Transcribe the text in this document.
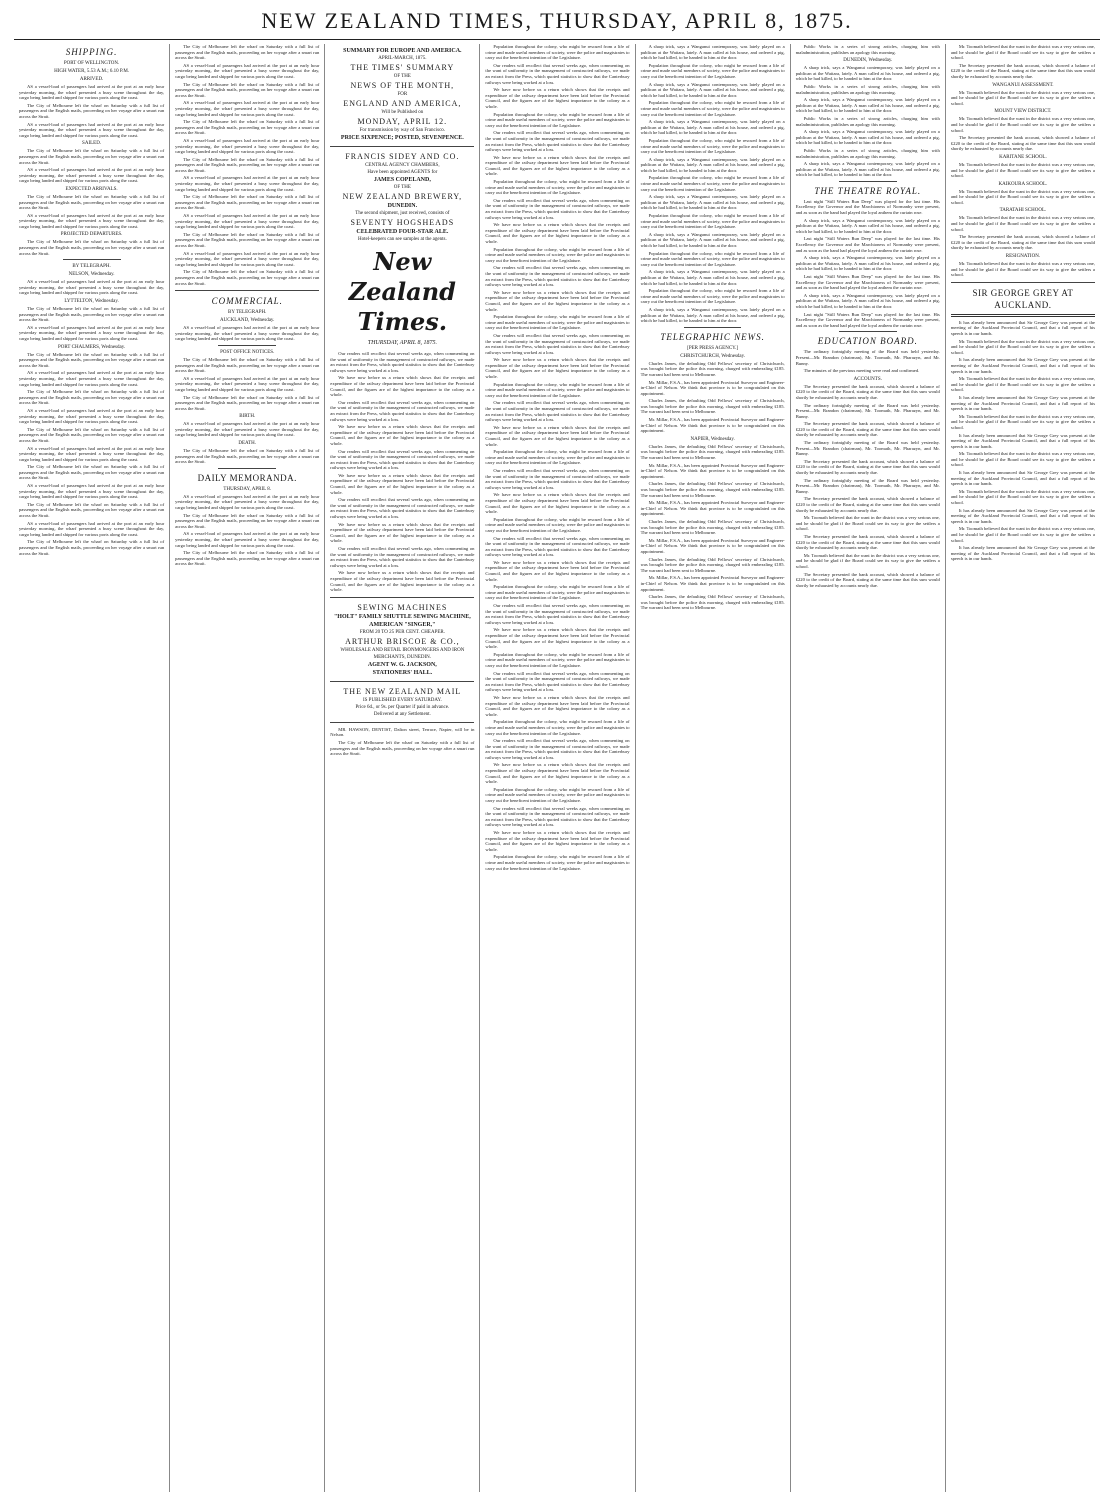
NEW ZEALAND TIMES, THURSDAY, APRIL 8, 1875.
SHIPPING.
PORT OF WELLINGTON.
HIGH WATER, 5.53 A.M.; 6.10 P.M.
ARRIVED.

AS a vessel-load of passengers had arrived at the port at an early hour yesterday morning, the wharf presented a busy scene throughout the day, cargo being landed and shipped for various ports along the coast.

The City of Melbourne left the wharf on Saturday with a full list of passengers and the English mails, proceeding on her voyage after a smart run across the Strait.

AS a vessel-load of passengers had arrived at the port at an early hour yesterday morning, the wharf presented a busy scene throughout the day, cargo being landed and shipped for various ports along the coast.

SAILED.

The City of Melbourne left the wharf on Saturday with a full list of passengers and the English mails, proceeding on her voyage after a smart run across the Strait.

AS a vessel-load of passengers had arrived at the port at an early hour yesterday morning, the wharf presented a busy scene throughout the day, cargo being landed and shipped for various ports along the coast.

EXPECTED ARRIVALS.

The City of Melbourne left the wharf on Saturday with a full list of passengers and the English mails, proceeding on her voyage after a smart run across the Strait.

AS a vessel-load of passengers had arrived at the port at an early hour yesterday morning, the wharf presented a busy scene throughout the day, cargo being landed and shipped for various ports along the coast.

PROJECTED DEPARTURES.

The City of Melbourne left the wharf on Saturday with a full list of passengers and the English mails, proceeding on her voyage after a smart run across the Strait.

BY TELEGRAPH.
NELSON, Wednesday.

AS a vessel-load of passengers had arrived at the port at an early hour yesterday morning, the wharf presented a busy scene throughout the day, cargo being landed and shipped for various ports along the coast.

LYTTELTON, Wednesday.

The City of Melbourne left the wharf on Saturday with a full list of passengers and the English mails, proceeding on her voyage after a smart run across the Strait.

AS a vessel-load of passengers had arrived at the port at an early hour yesterday morning, the wharf presented a busy scene throughout the day, cargo being landed and shipped for various ports along the coast.

PORT CHALMERS, Wednesday.

The City of Melbourne left the wharf on Saturday with a full list of passengers and the English mails, proceeding on her voyage after a smart run across the Strait.

AS a vessel-load of passengers had arrived at the port at an early hour yesterday morning, the wharf presented a busy scene throughout the day, cargo being landed and shipped for various ports along the coast.

The City of Melbourne left the wharf on Saturday with a full list of passengers and the English mails, proceeding on her voyage after a smart run across the Strait.

AS a vessel-load of passengers had arrived at the port at an early hour yesterday morning, the wharf presented a busy scene throughout the day, cargo being landed and shipped for various ports along the coast.

The City of Melbourne left the wharf on Saturday with a full list of passengers and the English mails, proceeding on her voyage after a smart run across the Strait.

AS a vessel-load of passengers had arrived at the port at an early hour yesterday morning, the wharf presented a busy scene throughout the day, cargo being landed and shipped for various ports along the coast.

The City of Melbourne left the wharf on Saturday with a full list of passengers and the English mails, proceeding on her voyage after a smart run across the Strait.

AS a vessel-load of passengers had arrived at the port at an early hour yesterday morning, the wharf presented a busy scene throughout the day, cargo being landed and shipped for various ports along the coast.

The City of Melbourne left the wharf on Saturday with a full list of passengers and the English mails, proceeding on her voyage after a smart run across the Strait.

AS a vessel-load of passengers had arrived at the port at an early hour yesterday morning, the wharf presented a busy scene throughout the day, cargo being landed and shipped for various ports along the coast.

The City of Melbourne left the wharf on Saturday with a full list of passengers and the English mails, proceeding on her voyage after a smart run across the Strait.

The City of Melbourne left the wharf on Saturday with a full list of passengers and the English mails, proceeding on her voyage after a smart run across the Strait.

AS a vessel-load of passengers had arrived at the port at an early hour yesterday morning, the wharf presented a busy scene throughout the day, cargo being landed and shipped for various ports along the coast.

The City of Melbourne left the wharf on Saturday with a full list of passengers and the English mails, proceeding on her voyage after a smart run across the Strait.

AS a vessel-load of passengers had arrived at the port at an early hour yesterday morning, the wharf presented a busy scene throughout the day, cargo being landed and shipped for various ports along the coast.

The City of Melbourne left the wharf on Saturday with a full list of passengers and the English mails, proceeding on her voyage after a smart run across the Strait.

AS a vessel-load of passengers had arrived at the port at an early hour yesterday morning, the wharf presented a busy scene throughout the day, cargo being landed and shipped for various ports along the coast.

The City of Melbourne left the wharf on Saturday with a full list of passengers and the English mails, proceeding on her voyage after a smart run across the Strait.

AS a vessel-load of passengers had arrived at the port at an early hour yesterday morning, the wharf presented a busy scene throughout the day, cargo being landed and shipped for various ports along the coast.

The City of Melbourne left the wharf on Saturday with a full list of passengers and the English mails, proceeding on her voyage after a smart run across the Strait.

AS a vessel-load of passengers had arrived at the port at an early hour yesterday morning, the wharf presented a busy scene throughout the day, cargo being landed and shipped for various ports along the coast.

The City of Melbourne left the wharf on Saturday with a full list of passengers and the English mails, proceeding on her voyage after a smart run across the Strait.

AS a vessel-load of passengers had arrived at the port at an early hour yesterday morning, the wharf presented a busy scene throughout the day, cargo being landed and shipped for various ports along the coast.

The City of Melbourne left the wharf on Saturday with a full list of passengers and the English mails, proceeding on her voyage after a smart run across the Strait.

COMMERCIAL.
BY TELEGRAPH.
AUCKLAND, Wednesday.

AS a vessel-load of passengers had arrived at the port at an early hour yesterday morning, the wharf presented a busy scene throughout the day, cargo being landed and shipped for various ports along the coast.

POST OFFICE NOTICES.

The City of Melbourne left the wharf on Saturday with a full list of passengers and the English mails, proceeding on her voyage after a smart run across the Strait.

AS a vessel-load of passengers had arrived at the port at an early hour yesterday morning, the wharf presented a busy scene throughout the day, cargo being landed and shipped for various ports along the coast.

The City of Melbourne left the wharf on Saturday with a full list of passengers and the English mails, proceeding on her voyage after a smart run across the Strait.

BIRTH.

AS a vessel-load of passengers had arrived at the port at an early hour yesterday morning, the wharf presented a busy scene throughout the day, cargo being landed and shipped for various ports along the coast.

DEATH.

The City of Melbourne left the wharf on Saturday with a full list of passengers and the English mails, proceeding on her voyage after a smart run across the Strait.

DAILY MEMORANDA.
THURSDAY, APRIL 8.

AS a vessel-load of passengers had arrived at the port at an early hour yesterday morning, the wharf presented a busy scene throughout the day, cargo being landed and shipped for various ports along the coast.

The City of Melbourne left the wharf on Saturday with a full list of passengers and the English mails, proceeding on her voyage after a smart run across the Strait.

AS a vessel-load of passengers had arrived at the port at an early hour yesterday morning, the wharf presented a busy scene throughout the day, cargo being landed and shipped for various ports along the coast.

The City of Melbourne left the wharf on Saturday with a full list of passengers and the English mails, proceeding on her voyage after a smart run across the Strait.

SUMMARY FOR EUROPE AND AMERICA.
APRIL-MARCH, 1875.
THE TIMES' SUMMARY
OF THE
NEWS OF THE MONTH,
FOR
ENGLAND AND AMERICA,
Will be Published on
MONDAY, APRIL 12.
For transmission by way of San Francisco.
PRICE SIXPENCE; POSTED, SEVENPENCE.
FRANCIS SIDEY AND CO.
CENTRAL AGENCY CHAMBERS,
Have been appointed AGENTS for
JAMES COPELAND,
OF THE
NEW ZEALAND BREWERY,
DUNEDIN.
The second shipment, just received, consists of
SEVENTY HOGSHEADS
CELEBRATED FOUR-STAR ALE.
Hotel-keepers can see samples at the agents.
New Zealand Times.
THURSDAY, APRIL 8, 1875.

Our readers will recollect that several weeks ago, when commenting on the want of uniformity in the management of constructed railways, we made an extract from the Press, which quoted statistics to show that the Canterbury railways were being worked at a loss.

We have now before us a return which shows that the receipts and expenditure of the railway department have been laid before the Provincial Council, and the figures are of the highest importance to the colony as a whole.

Our readers will recollect that several weeks ago, when commenting on the want of uniformity in the management of constructed railways, we made an extract from the Press, which quoted statistics to show that the Canterbury railways were being worked at a loss.

We have now before us a return which shows that the receipts and expenditure of the railway department have been laid before the Provincial Council, and the figures are of the highest importance to the colony as a whole.

Our readers will recollect that several weeks ago, when commenting on the want of uniformity in the management of constructed railways, we made an extract from the Press, which quoted statistics to show that the Canterbury railways were being worked at a loss.

We have now before us a return which shows that the receipts and expenditure of the railway department have been laid before the Provincial Council, and the figures are of the highest importance to the colony as a whole.

Our readers will recollect that several weeks ago, when commenting on the want of uniformity in the management of constructed railways, we made an extract from the Press, which quoted statistics to show that the Canterbury railways were being worked at a loss.

We have now before us a return which shows that the receipts and expenditure of the railway department have been laid before the Provincial Council, and the figures are of the highest importance to the colony as a whole.

Our readers will recollect that several weeks ago, when commenting on the want of uniformity in the management of constructed railways, we made an extract from the Press, which quoted statistics to show that the Canterbury railways were being worked at a loss.

We have now before us a return which shows that the receipts and expenditure of the railway department have been laid before the Provincial Council, and the figures are of the highest importance to the colony as a whole.

SEWING MACHINES
"HOLT" FAMILY SHUTTLE SEWING MACHINE,
AMERICAN "SINGER,"
FROM 20 TO 25 PER CENT. CHEAPER.
ARTHUR BRISCOE & CO.,
WHOLESALE AND RETAIL IRONMONGERS AND IRON MERCHANTS, DUNEDIN.
AGENT W. G. JACKSON,
STATIONERS' HALL.
THE NEW ZEALAND MAIL
IS PUBLISHED EVERY SATURDAY.
Price 6d., or 9s. per Quarter if paid in advance.
Delivered at any Settlement.

MR. HAWSON, DENTIST, Dalton street, Terrace, Napier, will be in Nelson.

The City of Melbourne left the wharf on Saturday with a full list of passengers and the English mails, proceeding on her voyage after a smart run across the Strait.

Population throughout the colony, who might be rescued from a life of crime and made useful members of society, were the police and magistrates to carry out the beneficent intention of the Legislature.

Our readers will recollect that several weeks ago, when commenting on the want of uniformity in the management of constructed railways, we made an extract from the Press, which quoted statistics to show that the Canterbury railways were being worked at a loss.

We have now before us a return which shows that the receipts and expenditure of the railway department have been laid before the Provincial Council, and the figures are of the highest importance to the colony as a whole.

Population throughout the colony, who might be rescued from a life of crime and made useful members of society, were the police and magistrates to carry out the beneficent intention of the Legislature.

Our readers will recollect that several weeks ago, when commenting on the want of uniformity in the management of constructed railways, we made an extract from the Press, which quoted statistics to show that the Canterbury railways were being worked at a loss.

We have now before us a return which shows that the receipts and expenditure of the railway department have been laid before the Provincial Council, and the figures are of the highest importance to the colony as a whole.

Population throughout the colony, who might be rescued from a life of crime and made useful members of society, were the police and magistrates to carry out the beneficent intention of the Legislature.

Our readers will recollect that several weeks ago, when commenting on the want of uniformity in the management of constructed railways, we made an extract from the Press, which quoted statistics to show that the Canterbury railways were being worked at a loss.

We have now before us a return which shows that the receipts and expenditure of the railway department have been laid before the Provincial Council, and the figures are of the highest importance to the colony as a whole.

Population throughout the colony, who might be rescued from a life of crime and made useful members of society, were the police and magistrates to carry out the beneficent intention of the Legislature.

Our readers will recollect that several weeks ago, when commenting on the want of uniformity in the management of constructed railways, we made an extract from the Press, which quoted statistics to show that the Canterbury railways were being worked at a loss.

We have now before us a return which shows that the receipts and expenditure of the railway department have been laid before the Provincial Council, and the figures are of the highest importance to the colony as a whole.

Population throughout the colony, who might be rescued from a life of crime and made useful members of society, were the police and magistrates to carry out the beneficent intention of the Legislature.

Our readers will recollect that several weeks ago, when commenting on the want of uniformity in the management of constructed railways, we made an extract from the Press, which quoted statistics to show that the Canterbury railways were being worked at a loss.

We have now before us a return which shows that the receipts and expenditure of the railway department have been laid before the Provincial Council, and the figures are of the highest importance to the colony as a whole.

Population throughout the colony, who might be rescued from a life of crime and made useful members of society, were the police and magistrates to carry out the beneficent intention of the Legislature.

Our readers will recollect that several weeks ago, when commenting on the want of uniformity in the management of constructed railways, we made an extract from the Press, which quoted statistics to show that the Canterbury railways were being worked at a loss.

We have now before us a return which shows that the receipts and expenditure of the railway department have been laid before the Provincial Council, and the figures are of the highest importance to the colony as a whole.

Population throughout the colony, who might be rescued from a life of crime and made useful members of society, were the police and magistrates to carry out the beneficent intention of the Legislature.

Our readers will recollect that several weeks ago, when commenting on the want of uniformity in the management of constructed railways, we made an extract from the Press, which quoted statistics to show that the Canterbury railways were being worked at a loss.

We have now before us a return which shows that the receipts and expenditure of the railway department have been laid before the Provincial Council, and the figures are of the highest importance to the colony as a whole.

Population throughout the colony, who might be rescued from a life of crime and made useful members of society, were the police and magistrates to carry out the beneficent intention of the Legislature.

Our readers will recollect that several weeks ago, when commenting on the want of uniformity in the management of constructed railways, we made an extract from the Press, which quoted statistics to show that the Canterbury railways were being worked at a loss.

We have now before us a return which shows that the receipts and expenditure of the railway department have been laid before the Provincial Council, and the figures are of the highest importance to the colony as a whole.

Population throughout the colony, who might be rescued from a life of crime and made useful members of society, were the police and magistrates to carry out the beneficent intention of the Legislature.

Our readers will recollect that several weeks ago, when commenting on the want of uniformity in the management of constructed railways, we made an extract from the Press, which quoted statistics to show that the Canterbury railways were being worked at a loss.

We have now before us a return which shows that the receipts and expenditure of the railway department have been laid before the Provincial Council, and the figures are of the highest importance to the colony as a whole.

Population throughout the colony, who might be rescued from a life of crime and made useful members of society, were the police and magistrates to carry out the beneficent intention of the Legislature.

Our readers will recollect that several weeks ago, when commenting on the want of uniformity in the management of constructed railways, we made an extract from the Press, which quoted statistics to show that the Canterbury railways were being worked at a loss.

We have now before us a return which shows that the receipts and expenditure of the railway department have been laid before the Provincial Council, and the figures are of the highest importance to the colony as a whole.

Population throughout the colony, who might be rescued from a life of crime and made useful members of society, were the police and magistrates to carry out the beneficent intention of the Legislature.

Our readers will recollect that several weeks ago, when commenting on the want of uniformity in the management of constructed railways, we made an extract from the Press, which quoted statistics to show that the Canterbury railways were being worked at a loss.

We have now before us a return which shows that the receipts and expenditure of the railway department have been laid before the Provincial Council, and the figures are of the highest importance to the colony as a whole.

Population throughout the colony, who might be rescued from a life of crime and made useful members of society, were the police and magistrates to carry out the beneficent intention of the Legislature.

Our readers will recollect that several weeks ago, when commenting on the want of uniformity in the management of constructed railways, we made an extract from the Press, which quoted statistics to show that the Canterbury railways were being worked at a loss.

We have now before us a return which shows that the receipts and expenditure of the railway department have been laid before the Provincial Council, and the figures are of the highest importance to the colony as a whole.

Population throughout the colony, who might be rescued from a life of crime and made useful members of society, were the police and magistrates to carry out the beneficent intention of the Legislature.

A sharp trick, says a Wanganui contemporary, was lately played on a publican at the Waitara, lately. A man called at his house, and ordered a pig, which he had killed, to be handed to him at the door.

Population throughout the colony, who might be rescued from a life of crime and made useful members of society, were the police and magistrates to carry out the beneficent intention of the Legislature.

A sharp trick, says a Wanganui contemporary, was lately played on a publican at the Waitara, lately. A man called at his house, and ordered a pig, which he had killed, to be handed to him at the door.

Population throughout the colony, who might be rescued from a life of crime and made useful members of society, were the police and magistrates to carry out the beneficent intention of the Legislature.

A sharp trick, says a Wanganui contemporary, was lately played on a publican at the Waitara, lately. A man called at his house, and ordered a pig, which he had killed, to be handed to him at the door.

Population throughout the colony, who might be rescued from a life of crime and made useful members of society, were the police and magistrates to carry out the beneficent intention of the Legislature.

A sharp trick, says a Wanganui contemporary, was lately played on a publican at the Waitara, lately. A man called at his house, and ordered a pig, which he had killed, to be handed to him at the door.

Population throughout the colony, who might be rescued from a life of crime and made useful members of society, were the police and magistrates to carry out the beneficent intention of the Legislature.

A sharp trick, says a Wanganui contemporary, was lately played on a publican at the Waitara, lately. A man called at his house, and ordered a pig, which he had killed, to be handed to him at the door.

Population throughout the colony, who might be rescued from a life of crime and made useful members of society, were the police and magistrates to carry out the beneficent intention of the Legislature.

A sharp trick, says a Wanganui contemporary, was lately played on a publican at the Waitara, lately. A man called at his house, and ordered a pig, which he had killed, to be handed to him at the door.

Population throughout the colony, who might be rescued from a life of crime and made useful members of society, were the police and magistrates to carry out the beneficent intention of the Legislature.

A sharp trick, says a Wanganui contemporary, was lately played on a publican at the Waitara, lately. A man called at his house, and ordered a pig, which he had killed, to be handed to him at the door.

Population throughout the colony, who might be rescued from a life of crime and made useful members of society, were the police and magistrates to carry out the beneficent intention of the Legislature.

A sharp trick, says a Wanganui contemporary, was lately played on a publican at the Waitara, lately. A man called at his house, and ordered a pig, which he had killed, to be handed to him at the door.

TELEGRAPHIC NEWS.
[PER PRESS AGENCY.]
CHRISTCHURCH, Wednesday.

Charles James, the defaulting Odd Fellows' secretary of Christchurch, was brought before the police this morning, charged with embezzling £185. The warrant had been sent to Melbourne.

Mr. Millar, F.S.A., has been appointed Provincial Surveyor and Engineer-in-Chief of Nelson. We think that province is to be congratulated on this appointment.

Charles James, the defaulting Odd Fellows' secretary of Christchurch, was brought before the police this morning, charged with embezzling £185. The warrant had been sent to Melbourne.

Mr. Millar, F.S.A., has been appointed Provincial Surveyor and Engineer-in-Chief of Nelson. We think that province is to be congratulated on this appointment.

NAPIER, Wednesday.

Charles James, the defaulting Odd Fellows' secretary of Christchurch, was brought before the police this morning, charged with embezzling £185. The warrant had been sent to Melbourne.

Mr. Millar, F.S.A., has been appointed Provincial Surveyor and Engineer-in-Chief of Nelson. We think that province is to be congratulated on this appointment.

Charles James, the defaulting Odd Fellows' secretary of Christchurch, was brought before the police this morning, charged with embezzling £185. The warrant had been sent to Melbourne.

Mr. Millar, F.S.A., has been appointed Provincial Surveyor and Engineer-in-Chief of Nelson. We think that province is to be congratulated on this appointment.

Charles James, the defaulting Odd Fellows' secretary of Christchurch, was brought before the police this morning, charged with embezzling £185. The warrant had been sent to Melbourne.

Mr. Millar, F.S.A., has been appointed Provincial Surveyor and Engineer-in-Chief of Nelson. We think that province is to be congratulated on this appointment.

Charles James, the defaulting Odd Fellows' secretary of Christchurch, was brought before the police this morning, charged with embezzling £185. The warrant had been sent to Melbourne.

Mr. Millar, F.S.A., has been appointed Provincial Surveyor and Engineer-in-Chief of Nelson. We think that province is to be congratulated on this appointment.

Charles James, the defaulting Odd Fellows' secretary of Christchurch, was brought before the police this morning, charged with embezzling £185. The warrant had been sent to Melbourne.

Public Works in a series of strong articles, charging him with maladministration, publishes an apology this morning.

DUNEDIN, Wednesday.

A sharp trick, says a Wanganui contemporary, was lately played on a publican at the Waitara, lately. A man called at his house, and ordered a pig, which he had killed, to be handed to him at the door.

Public Works in a series of strong articles, charging him with maladministration, publishes an apology this morning.

A sharp trick, says a Wanganui contemporary, was lately played on a publican at the Waitara, lately. A man called at his house, and ordered a pig, which he had killed, to be handed to him at the door.

Public Works in a series of strong articles, charging him with maladministration, publishes an apology this morning.

A sharp trick, says a Wanganui contemporary, was lately played on a publican at the Waitara, lately. A man called at his house, and ordered a pig, which he had killed, to be handed to him at the door.

Public Works in a series of strong articles, charging him with maladministration, publishes an apology this morning.

A sharp trick, says a Wanganui contemporary, was lately played on a publican at the Waitara, lately. A man called at his house, and ordered a pig, which he had killed, to be handed to him at the door.

THE THEATRE ROYAL.

Last night "Still Waters Run Deep" was played for the last time. His Excellency the Governor and the Marchioness of Normanby were present, and as soon as the band had played the loyal anthem the curtain rose.

A sharp trick, says a Wanganui contemporary, was lately played on a publican at the Waitara, lately. A man called at his house, and ordered a pig, which he had killed, to be handed to him at the door.

Last night "Still Waters Run Deep" was played for the last time. His Excellency the Governor and the Marchioness of Normanby were present, and as soon as the band had played the loyal anthem the curtain rose.

A sharp trick, says a Wanganui contemporary, was lately played on a publican at the Waitara, lately. A man called at his house, and ordered a pig, which he had killed, to be handed to him at the door.

Last night "Still Waters Run Deep" was played for the last time. His Excellency the Governor and the Marchioness of Normanby were present, and as soon as the band had played the loyal anthem the curtain rose.

A sharp trick, says a Wanganui contemporary, was lately played on a publican at the Waitara, lately. A man called at his house, and ordered a pig, which he had killed, to be handed to him at the door.

Last night "Still Waters Run Deep" was played for the last time. His Excellency the Governor and the Marchioness of Normanby were present, and as soon as the band had played the loyal anthem the curtain rose.

EDUCATION BOARD.

The ordinary fortnightly meeting of the Board was held yesterday. Present—Mr. Brandon (chairman), Mr. Toomath, Mr. Pharazyn, and Mr. Bunny.

The minutes of the previous meeting were read and confirmed.

ACCOUNTS.

The Secretary presented the bank account, which showed a balance of £220 to the credit of the Board, stating at the same time that this sum would shortly be exhausted by accounts nearly due.

The ordinary fortnightly meeting of the Board was held yesterday. Present—Mr. Brandon (chairman), Mr. Toomath, Mr. Pharazyn, and Mr. Bunny.

The Secretary presented the bank account, which showed a balance of £220 to the credit of the Board, stating at the same time that this sum would shortly be exhausted by accounts nearly due.

The ordinary fortnightly meeting of the Board was held yesterday. Present—Mr. Brandon (chairman), Mr. Toomath, Mr. Pharazyn, and Mr. Bunny.

The Secretary presented the bank account, which showed a balance of £220 to the credit of the Board, stating at the same time that this sum would shortly be exhausted by accounts nearly due.

The ordinary fortnightly meeting of the Board was held yesterday. Present—Mr. Brandon (chairman), Mr. Toomath, Mr. Pharazyn, and Mr. Bunny.

The Secretary presented the bank account, which showed a balance of £220 to the credit of the Board, stating at the same time that this sum would shortly be exhausted by accounts nearly due.

Mr. Toomath believed that the want in the district was a very serious one, and he should be glad if the Board could see its way to give the settlers a school.

The Secretary presented the bank account, which showed a balance of £220 to the credit of the Board, stating at the same time that this sum would shortly be exhausted by accounts nearly due.

Mr. Toomath believed that the want in the district was a very serious one, and he should be glad if the Board could see its way to give the settlers a school.

The Secretary presented the bank account, which showed a balance of £220 to the credit of the Board, stating at the same time that this sum would shortly be exhausted by accounts nearly due.

Mr. Toomath believed that the want in the district was a very serious one, and he should be glad if the Board could see its way to give the settlers a school.

The Secretary presented the bank account, which showed a balance of £220 to the credit of the Board, stating at the same time that this sum would shortly be exhausted by accounts nearly due.

WANGANUI ASSESSMENT.

Mr. Toomath believed that the want in the district was a very serious one, and he should be glad if the Board could see its way to give the settlers a school.

MOUNT VIEW DISTRICT.

Mr. Toomath believed that the want in the district was a very serious one, and he should be glad if the Board could see its way to give the settlers a school.

The Secretary presented the bank account, which showed a balance of £220 to the credit of the Board, stating at the same time that this sum would shortly be exhausted by accounts nearly due.

KARITANE SCHOOL.

Mr. Toomath believed that the want in the district was a very serious one, and he should be glad if the Board could see its way to give the settlers a school.

KAIKOURA SCHOOL.

Mr. Toomath believed that the want in the district was a very serious one, and he should be glad if the Board could see its way to give the settlers a school.

TARATAHI SCHOOL.

Mr. Toomath believed that the want in the district was a very serious one, and he should be glad if the Board could see its way to give the settlers a school.

The Secretary presented the bank account, which showed a balance of £220 to the credit of the Board, stating at the same time that this sum would shortly be exhausted by accounts nearly due.

RESIGNATION.

Mr. Toomath believed that the want in the district was a very serious one, and he should be glad if the Board could see its way to give the settlers a school.

SIR GEORGE GREY AT AUCKLAND.

It has already been announced that Sir George Grey was present at the meeting of the Auckland Provincial Council, and that a full report of his speech is in our hands.

Mr. Toomath believed that the want in the district was a very serious one, and he should be glad if the Board could see its way to give the settlers a school.

It has already been announced that Sir George Grey was present at the meeting of the Auckland Provincial Council, and that a full report of his speech is in our hands.

Mr. Toomath believed that the want in the district was a very serious one, and he should be glad if the Board could see its way to give the settlers a school.

It has already been announced that Sir George Grey was present at the meeting of the Auckland Provincial Council, and that a full report of his speech is in our hands.

Mr. Toomath believed that the want in the district was a very serious one, and he should be glad if the Board could see its way to give the settlers a school.

It has already been announced that Sir George Grey was present at the meeting of the Auckland Provincial Council, and that a full report of his speech is in our hands.

Mr. Toomath believed that the want in the district was a very serious one, and he should be glad if the Board could see its way to give the settlers a school.

It has already been announced that Sir George Grey was present at the meeting of the Auckland Provincial Council, and that a full report of his speech is in our hands.

Mr. Toomath believed that the want in the district was a very serious one, and he should be glad if the Board could see its way to give the settlers a school.

It has already been announced that Sir George Grey was present at the meeting of the Auckland Provincial Council, and that a full report of his speech is in our hands.

Mr. Toomath believed that the want in the district was a very serious one, and he should be glad if the Board could see its way to give the settlers a school.

It has already been announced that Sir George Grey was present at the meeting of the Auckland Provincial Council, and that a full report of his speech is in our hands.
